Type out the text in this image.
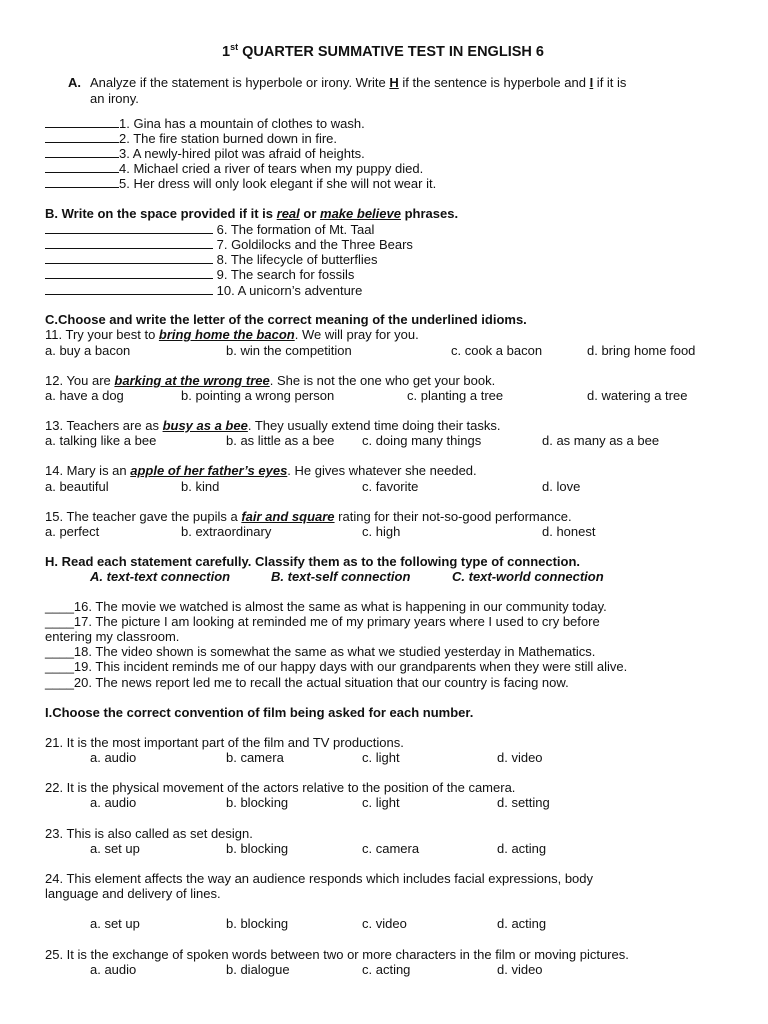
1st QUARTER SUMMATIVE TEST IN ENGLISH 6
A. Analyze if the statement is hyperbole or irony. Write H if the sentence is hyperbole and I if it is
an irony.
1. Gina has a mountain of clothes to wash.
2. The fire station burned down in fire.
3. A newly-hired pilot was afraid of heights.
4. Michael cried a river of tears when my puppy died.
5. Her dress will only look elegant if she will not wear it.
B. Write on the space provided if it is real or make believe phrases.
6. The formation of Mt. Taal
7. Goldilocks and the Three Bears
8. The lifecycle of butterflies
9. The search for fossils
10. A unicorn’s adventure
C.Choose and write the letter of the correct meaning of the underlined idioms.
11. Try your best to bring home the bacon. We will pray for you.
a. buy a bacon	b. win the competition	c. cook a bacon	d. bring home food
12. You are barking at the wrong tree. She is not the one who get your book.
a. have a dog	b. pointing a wrong person	c. planting a tree	d. watering a tree
13. Teachers are as busy as a bee. They usually extend time doing their tasks.
a. talking like a bee	b. as little as a bee c. doing many things	d. as many as a bee
14. Mary is an apple of her father’s eyes. He gives whatever she needed.
a. beautiful	b. kind	c. favorite	d. love
15. The teacher gave the pupils a fair and square rating for their not-so-good performance.
a. perfect	b. extraordinary	c. high	d. honest
H. Read each statement carefully. Classify them as to the following type of connection.
A. text-text connection	B. text-self connection	C. text-world connection
____16. The movie we watched is almost the same as what is happening in our community today.
____17. The picture I am looking at reminded me of my primary years where I used to cry before
entering my classroom.
____18. The video shown is somewhat the same as what we studied yesterday in Mathematics.
____19. This incident reminds me of our happy days with our grandparents when they were still alive.
____20. The news report led me to recall the actual situation that our country is facing now.
I.Choose the correct convention of film being asked for each number.
21. It is the most important part of the film and TV productions.
a. audio	b. camera	c. light	d. video
22. It is the physical movement of the actors relative to the position of the camera.
a. audio	b. blocking	c. light	d. setting
23. This is also called as set design.
a. set up	b. blocking	c. camera	d. acting
24. This element affects the way an audience responds which includes facial expressions, body
language and delivery of lines.
a. set up	b. blocking	c. video	d. acting
25. It is the exchange of spoken words between two or more characters in the film or moving pictures.
a. audio	b. dialogue	c. acting	d. video
